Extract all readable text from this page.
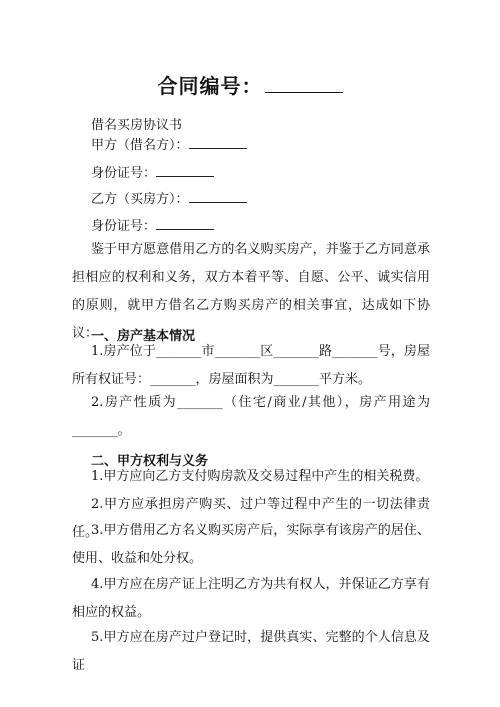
合同编号：
借名买房协议书
甲方（借名方）：
身份证号：
乙方（买房方）：
身份证号：
鉴于甲方愿意借用乙方的名义购买房产，并鉴于乙方同意承担相应的权利和义务，双方本着平等、自愿、公平、诚实信用的原则，就甲方借名乙方购买房产的相关事宜，达成如下协议：
一、房产基本情况
1.房产位于_______市_______区_______路_______号，房屋所有权证号：_______，房屋面积为_______平方米。
2.房产性质为_______（住宅/商业/其他），房产用途为_______。
二、甲方权利与义务
1.甲方应向乙方支付购房款及交易过程中产生的相关税费。
2.甲方应承担房产购买、过户等过程中产生的一切法律责任。
3.甲方借用乙方名义购买房产后，实际享有该房产的居住、使用、收益和处分权。
4.甲方应在房产证上注明乙方为共有权人，并保证乙方享有相应的权益。
5.甲方应在房产过户登记时，提供真实、完整的个人信息及证
